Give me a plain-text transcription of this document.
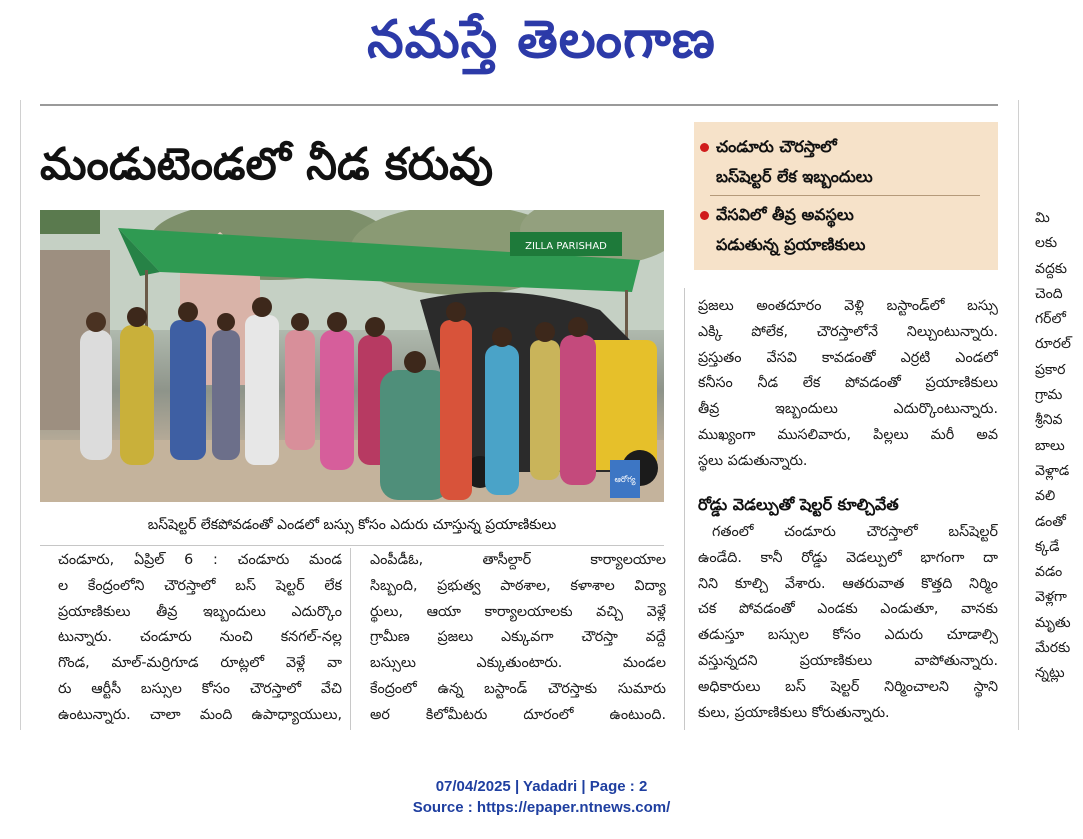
నమస్తే తెలంగాణ
మండుటెండలో నీడ కరువు	చండూరు చౌరస్తాలో
బస్‌షెల్టర్‌ లేక ఇబ్బందులు
వేసవిలో తీవ్ర అవస్థలు
పడుతున్న ప్రయాణికులు
ZILLA PARISHAD
ఆరోగ్య
బస్‌షెల్టర్‌ లేకపోవడంతో ఎండలో బస్సు కోసం ఎదురు చూస్తున్న ప్రయాణికులు
చండూరు, ఏప్రిల్‌ 6 : చండూరు మండ
ల కేంద్రంలోని చౌరస్తాలో బస్‌ షెల్టర్‌ లేక
ప్రయాణికులు తీవ్ర ఇబ్బందులు ఎదుర్కొం
టున్నారు. చండూరు నుంచి కనగల్‌-నల్ల
గొండ, మాల్‌-మర్రిగూడ రూట్లలో వెళ్లే వా
రు ఆర్టీసీ బస్సుల కోసం చౌరస్తాలో వేచి
ఉంటున్నారు. చాలా మంది ఉపాధ్యాయులు,
ఎంపీడీఓ, తాసీల్దార్‌ కార్యాలయాల
సిబ్బంది, ప్రభుత్వ పాఠశాల, కళాశాల విద్యా
ర్థులు, ఆయా కార్యాలయాలకు వచ్చి వెళ్లే
గ్రామీణ ప్రజలు ఎక్కువగా చౌరస్తా వద్దే
బస్సులు ఎక్కుతుంటారు. మండల
కేంద్రంలో ఉన్న బస్టాండ్‌ చౌరస్తాకు సుమారు
అర కిలోమీటరు దూరంలో ఉంటుంది.
ప్రజలు అంతదూరం వెళ్లి బస్టాండ్‌లో బస్సు
ఎక్కి పోలేక, చౌరస్తాలోనే నిల్చుంటున్నారు.
ప్రస్తుతం వేసవి కావడంతో ఎర్రటి ఎండలో
కనీసం నీడ లేక పోవడంతో ప్రయాణికులు
తీవ్ర ఇబ్బందులు ఎదుర్కొంటున్నారు.
ముఖ్యంగా ముసలివారు, పిల్లలు మరీ అవ
స్థలు పడుతున్నారు.
రోడ్డు వెడల్పుతో షెల్టర్‌ కూల్చివేత
గతంలో చండూరు చౌరస్తాలో బస్‌షెల్టర్‌
ఉండేది. కానీ రోడ్డు వెడల్పులో భాగంగా దా
నిని కూల్చి వేశారు. ఆతరువాత కొత్తది నిర్మిం
చక పోవడంతో ఎండకు ఎండుతూ, వానకు
తడుస్తూ బస్సుల కోసం ఎదురు చూడాల్సి
వస్తున్నదని ప్రయాణికులు వాపోతున్నారు.
అధికారులు బస్‌ షెల్టర్‌ నిర్మించాలని స్థాని
కులు, ప్రయాణికులు కోరుతున్నారు.
మి
లకు
వద్దకు
చెంది
గర్‌లో
రూరల్‌
ప్రకార
గ్రామ
శ్రీనివ
బాలు
వెళ్లాడ
వలి
డంతో
క్కడే
వడం
వెళ్లగా
మృతు
మేరకు
న్నట్లు
07/04/2025 | Yadadri | Page : 2
Source : https://epaper.ntnews.com/
